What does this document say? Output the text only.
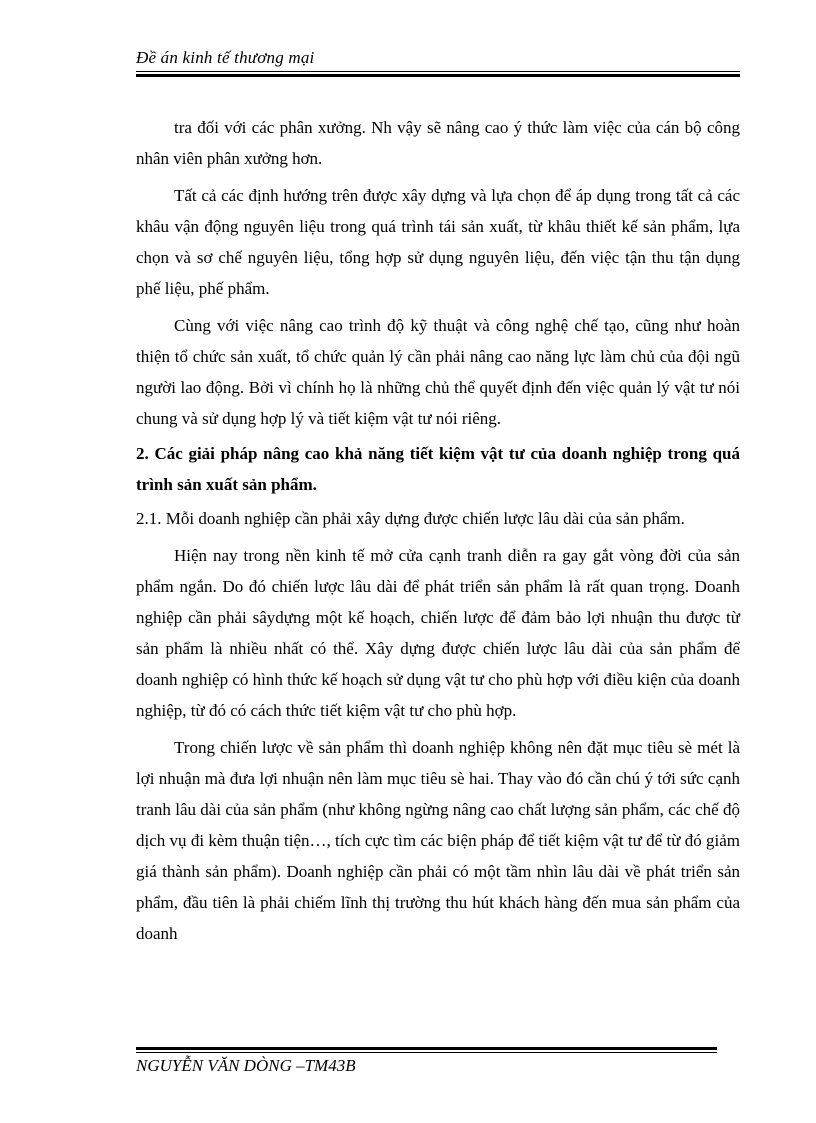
Đề án kinh tế thương mại

tra đối với các phân xưởng. Nh vậy sẽ nâng cao ý thức làm việc của cán bộ công nhân viên phân xưởng hơn.

Tất cả các định hướng trên được xây dựng và lựa chọn để áp dụng trong tất cả các khâu vận động nguyên liệu trong quá trình tái sản xuất, từ khâu thiết kế sản phẩm, lựa chọn và sơ chế nguyên liệu, tổng hợp sử dụng nguyên liệu, đến việc tận thu tận dụng phế liệu, phế phẩm.

Cùng với việc nâng cao trình độ kỹ thuật và công nghệ chế tạo, cũng như hoàn thiện tổ chức sản xuất, tổ chức quản lý cần phải nâng cao năng lực làm chủ của đội ngũ người lao động. Bởi vì chính họ là những chủ thể quyết định đến việc quản lý vật tư nói chung và sử dụng hợp lý và tiết kiệm vật tư nói riêng.

2. Các giải pháp nâng cao khả năng tiết kiệm vật tư của doanh nghiệp trong quá trình sản xuất sản phẩm.

2.1. Mỗi doanh nghiệp cần phải xây dựng được chiến lược lâu dài của sản phẩm.

Hiện nay trong nền kinh tế mở cửa cạnh tranh diễn ra gay gắt vòng đời của sản phẩm ngắn. Do đó chiến lược lâu dài để phát triển sản phẩm là rất quan trọng. Doanh nghiệp cần phải sâydựng một kế hoạch, chiến lược để đảm bảo lợi nhuận thu được từ sản phẩm là nhiều nhất có thể. Xây dựng được chiến lược lâu dài của sản phẩm để doanh nghiệp có hình thức kế hoạch sử dụng vật tư cho phù hợp với điều kiện của doanh nghiệp, từ đó có cách thức tiết kiệm vật tư cho phù hợp.

Trong chiến lược về sản phẩm thì doanh nghiệp không nên đặt mục tiêu sè mét là lợi nhuận mà đưa lợi nhuận nên làm mục tiêu sè hai. Thay vào đó cần chú ý tới sức cạnh tranh lâu dài của sản phẩm (như không ngừng nâng cao chất lượng sản phẩm, các chế độ dịch vụ đi kèm thuận tiện…, tích cực tìm các biện pháp để tiết kiệm vật tư để từ đó giảm giá thành sản phẩm). Doanh nghiệp cần phải có một tầm nhìn lâu dài về phát triển sản phẩm, đầu tiên là phải chiếm lĩnh thị trường thu hút khách hàng đến mua sản phẩm của doanh

NGUYỄN VĂN DÒNG –TM43B
